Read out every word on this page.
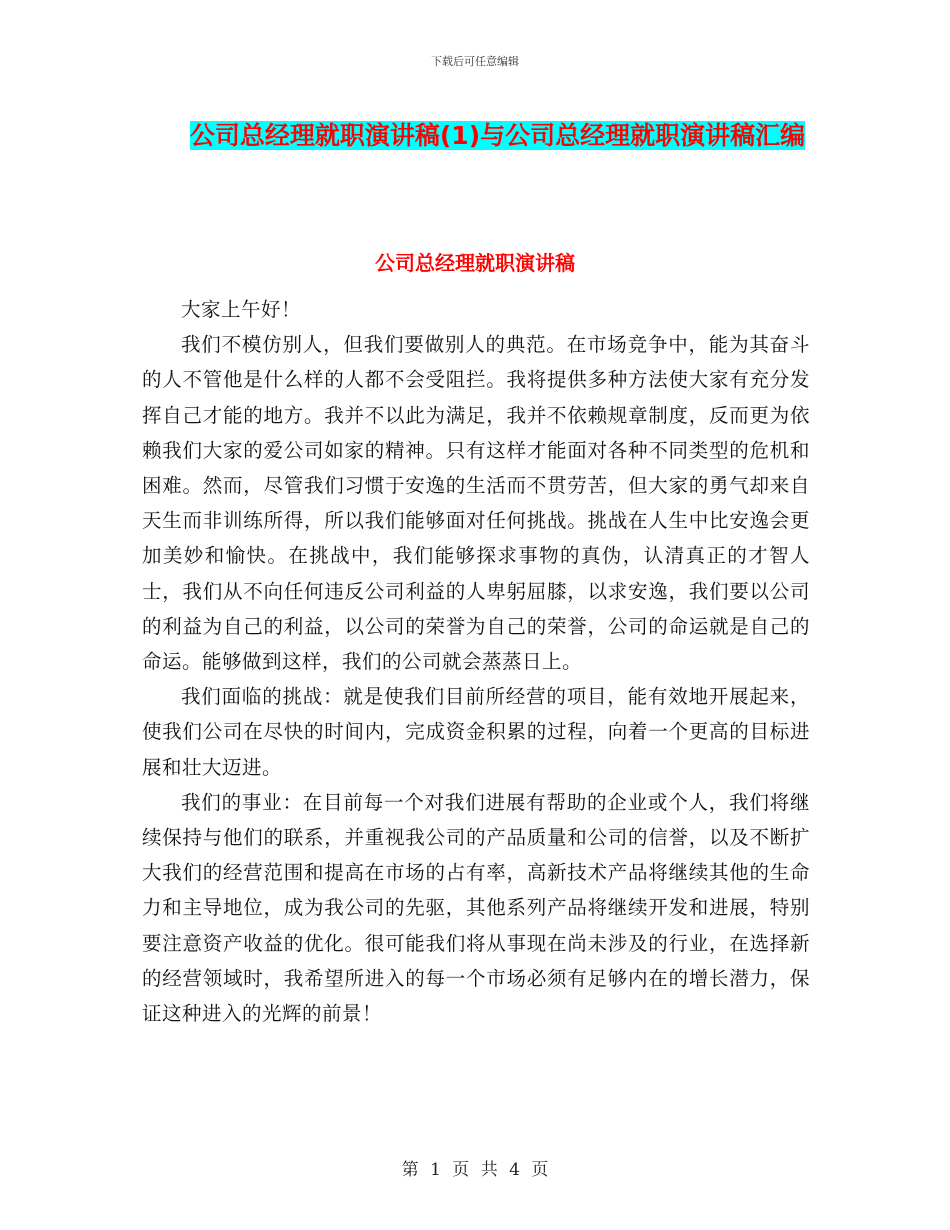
下载后可任意编辑
公司总经理就职演讲稿(1)与公司总经理就职演讲稿汇编
公司总经理就职演讲稿

大家上午好！

我们不模仿别人，但我们要做别人的典范。在市场竞争中，能为其奋斗的人不管他是什么样的人都不会受阻拦。我将提供多种方法使大家有充分发挥自己才能的地方。我并不以此为满足，我并不依赖规章制度，反而更为依赖我们大家的爱公司如家的精神。只有这样才能面对各种不同类型的危机和困难。然而，尽管我们习惯于安逸的生活而不贯劳苦，但大家的勇气却来自天生而非训练所得，所以我们能够面对任何挑战。挑战在人生中比安逸会更加美妙和愉快。在挑战中，我们能够探求事物的真伪，认清真正的才智人士，我们从不向任何违反公司利益的人卑躬屈膝，以求安逸，我们要以公司的利益为自己的利益，以公司的荣誉为自己的荣誉，公司的命运就是自己的命运。能够做到这样，我们的公司就会蒸蒸日上。

我们面临的挑战：就是使我们目前所经营的项目，能有效地开展起来，使我们公司在尽快的时间内，完成资金积累的过程，向着一个更高的目标进展和壮大迈进。

我们的事业：在目前每一个对我们进展有帮助的企业或个人，我们将继续保持与他们的联系，并重视我公司的产品质量和公司的信誉，以及不断扩大我们的经营范围和提高在市场的占有率，高新技术产品将继续其他的生命力和主导地位，成为我公司的先驱，其他系列产品将继续开发和进展，特别要注意资产收益的优化。很可能我们将从事现在尚未涉及的行业，在选择新的经营领域时，我希望所进入的每一个市场必须有足够内在的增长潜力，保证这种进入的光辉的前景！

第 1 页 共 4 页
